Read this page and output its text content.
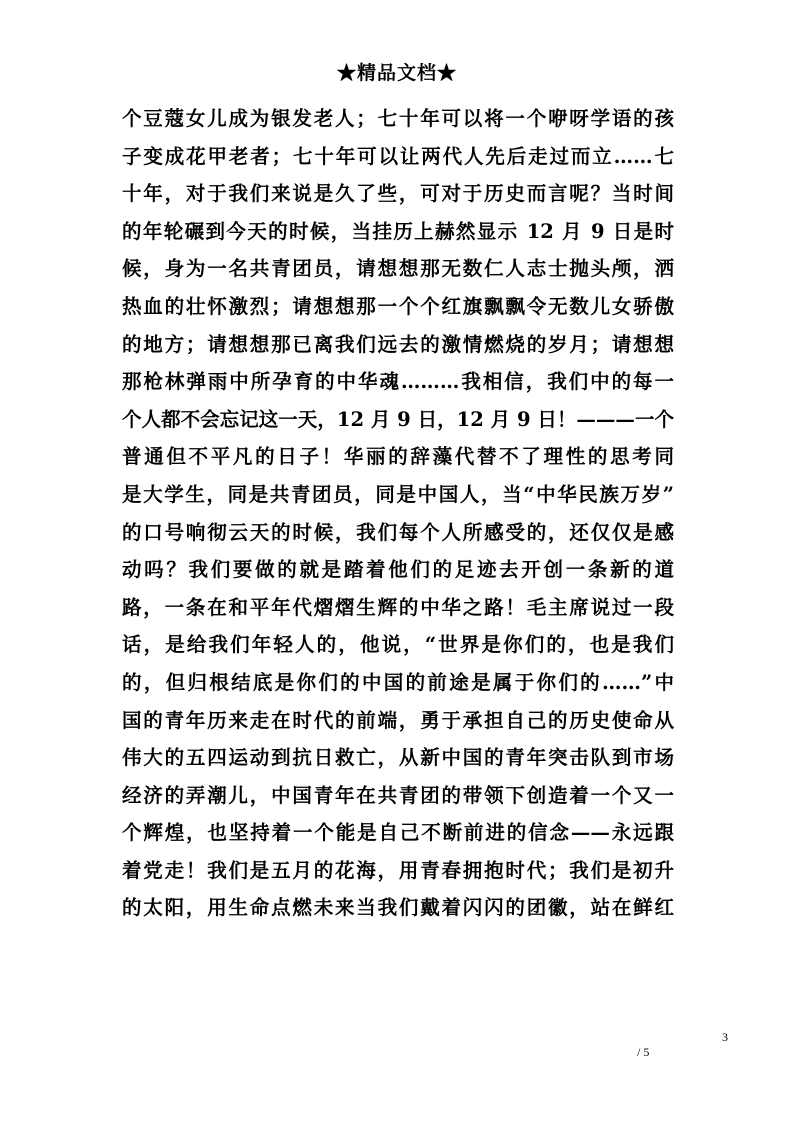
★精品文档★
个豆蔻女儿成为银发老人；七十年可以将一个咿呀学语的孩
子变成花甲老者；七十年可以让两代人先后走过而立……七
十年，对于我们来说是久了些，可对于历史而言呢？当时间
的年轮碾到今天的时候，当挂历上赫然显示 12 月 9 日是时
候，身为一名共青团员，请想想那无数仁人志士抛头颅，洒
热血的壮怀激烈；请想想那一个个红旗飘飘令无数儿女骄傲
的地方；请想想那已离我们远去的激情燃烧的岁月；请想想
那枪林弹雨中所孕育的中华魂………我相信，我们中的每一
个人都不会忘记这一天，12 月 9 日，12 月 9 日！———一个
普通但不平凡的日子！华丽的辞藻代替不了理性的思考同
是大学生，同是共青团员，同是中国人，当“中华民族万岁”
的口号响彻云天的时候，我们每个人所感受的，还仅仅是感
动吗？我们要做的就是踏着他们的足迹去开创一条新的道
路，一条在和平年代熠熠生辉的中华之路！毛主席说过一段
话，是给我们年轻人的，他说，“世界是你们的，也是我们
的，但归根结底是你们的中国的前途是属于你们的……”中
国的青年历来走在时代的前端，勇于承担自己的历史使命从
伟大的五四运动到抗日救亡，从新中国的青年突击队到市场
经济的弄潮儿，中国青年在共青团的带领下创造着一个又一
个辉煌，也坚持着一个能是自己不断前进的信念——永远跟
着党走！我们是五月的花海，用青春拥抱时代；我们是初升
的太阳，用生命点燃未来当我们戴着闪闪的团徽，站在鲜红
3
/ 5
